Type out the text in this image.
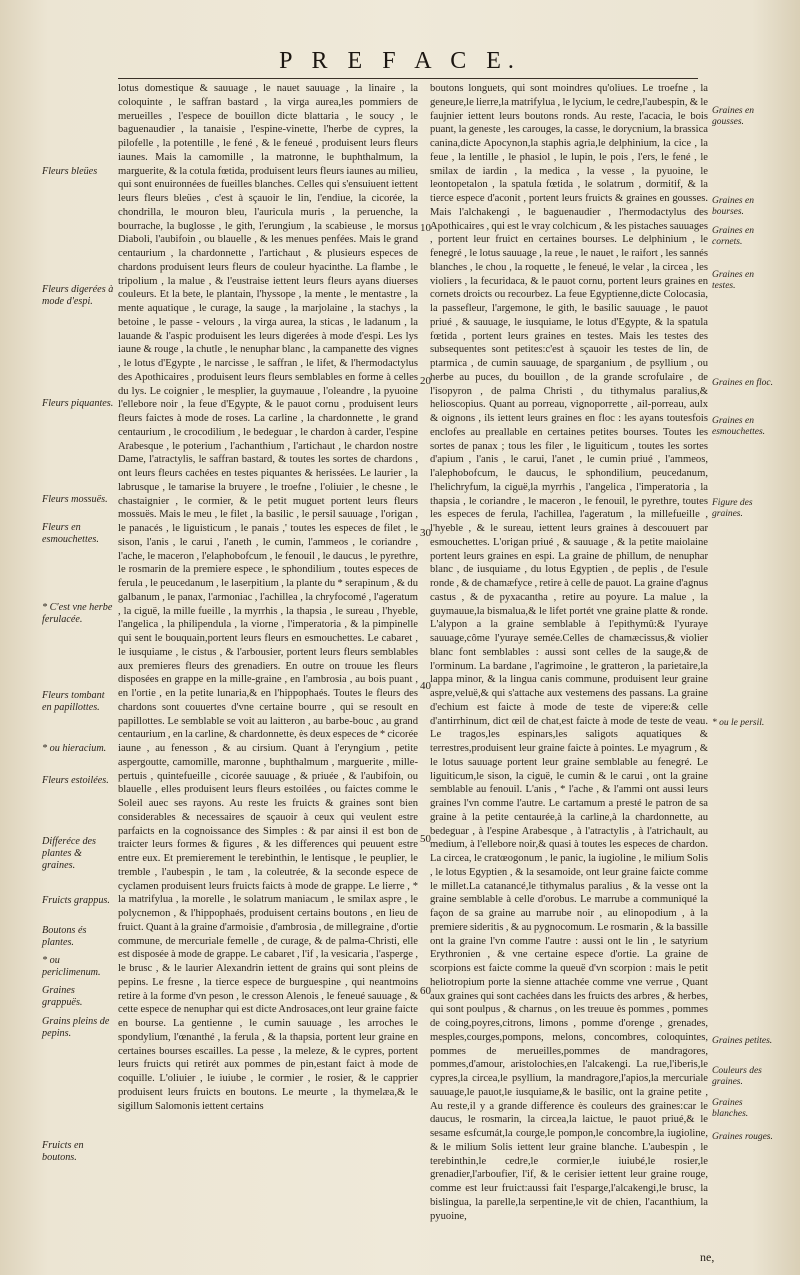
P R E F A C E.

lotus domestique & sauuage , le nauet sauuage , la linaire , la coloquinte , le saffran bastard , la virga aurea,les pommiers de merueilles , l'espece de bouillon dicte blattaria , le soucy , le baguenaudier , la tanaisie , l'espine-vinette, l'herbe de cypres, la pilofelle , la potentille , le fené , & le feneué , produisent leurs fleurs iaunes. Mais la camomille , la matronne, le buphthalmum, la marguerite, & la cotula fœtida, produisent leurs fleurs iaunes au milieu, qui sont enuironnées de fueilles blanches. Celles qui s'ensuiuent iettent leurs fleurs bleües , c'est à sçauoir le lin, l'endiue, la cicorée, la chondrilla, le mouron bleu, l'auricula muris , la peruenche, la bourrache, la buglosse , le gith, l'erungium , la scabieuse , le morsus Diaboli, l'aubifoin , ou blauelle , & les menues penfées. Mais le grand centaurium , la chardonnette , l'artichaut , & plusieurs especes de chardons produisent leurs fleurs de couleur hyacinthe. La flambe , le tripolium , la malue , & l'eustraise iettent leurs fleurs ayans diuerses couleurs. Et la bete, le plantain, l'hyssope , la mente , le mentastre , la mente aquatique , le curage, la sauge , la marjolaine , la stachys , la betoine , le passe - velours , la virga aurea, la sticas , le ladanum , la lauande & l'aspic produisent les leurs digerées à mode d'espi. Les lys iaune & rouge , la chutle , le nenuphar blanc , la campanette des vignes , le lotus d'Egypte , le narcisse , le saffran , le lifet, & l'hermodactylus des Apothicaires , produisent leurs fleurs semblables en forme à celles du lys. Le coignier , le mesplier, la guymauue , l'oleandre , la pyuoine l'ellebore noir , la feue d'Egypte, & le pauot cornu , produisent leurs fleurs faictes à mode de roses. La carline , la chardonnette , le grand centaurium , le crocodilium , le bedeguar , le chardon à carder, l'espine Arabesque , le poterium , l'achanthium , l'artichaut , le chardon nostre Dame, l'atractylis, le saffran bastard, & toutes les sortes de chardons , ont leurs fleurs cachées en testes piquantes & herissées. Le laurier , la labrusque , le tamarise la bruyere , le troefne , l'oliuier , le chesne , le chastaignier , le cormier, & le petit muguet portent leurs fleurs mossuës. Mais le meu , le filet , la basilic , le persil sauuage , l'origan , le panacés , le liguisticum , le panais ,' toutes les especes de filet , le sison, l'anis , le carui , l'aneth , le cumin, l'ammeos , le coriandre , l'ache, le maceron , l'elaphobofcum , le fenouil , le daucus , le pyrethre, le rosmarin de la premiere espece , le sphondilium , toutes especes de ferula , le peucedanum , le laserpitium , la plante du * serapinum , & du galbanum , le panax, l'armoniac , l'achillea , la chryfocomé , l'ageratum , la ciguë, la mille fueille , la myrrhis , la thapsia , le sureau , l'hyeble, l'angelica , la philipendula , la viorne , l'imperatoria , & la pimpinelle qui sent le bouquain,portent leurs fleurs en esmouchettes. Le cabaret , le iusquiame , le cistus , & l'arbousier, portent leurs fleurs semblables aux premieres fleurs des grenadiers. En outre on trouue les fleurs disposées en grappe en la mille-graine , en l'ambrosia , au bois puant , en l'ortie , en la petite lunaria,& en l'hippophaés. Toutes le fleurs des chardons sont couuertes d'vne certaine bourre , qui se resoult en papillottes. Le semblable se voit au laitteron , au barbe-bouc , au grand centaurium , en la carline, & chardonnette, ès deux especes de * cicorée iaune , au fenesson , & au cirsium. Quant à l'eryngium , petite aspergoutte, camomille, maronne , buphthalmum , marguerite , mille-pertuis , quintefueille , cicorée sauuage , & priuée , & l'aubifoin, ou blauelle , elles produisent leurs fleurs estoilées , ou faictes comme le Soleil auec ses rayons. Au reste les fruicts & graines sont bien considerables & necessaires de sçauoir à ceux qui veulent estre parfaicts en la cognoissance des Simples : & par ainsi il est bon de traicter leurs formes & figures , & les differences qui peuuent estre entre eux. Et premierement le terebinthin, le lentisque , le peuplier, le tremble , l'aubespin , le tam , la coleutrée, & la seconde espece de cyclamen produisent leurs fruicts faicts à mode de grappe. Le lierre , * la matrifylua , la morelle , le solatrum maniacum , le smilax aspre , le polycnemon , & l'hippophaés, produisent certains boutons , en lieu de fruict. Quant à la graine d'armoisie , d'ambrosia , de millegraine , d'ortie commune, de mercuriale femelle , de curage, & de palma-Christi, elle est disposée à mode de grappe. Le cabaret , l'if , la vesicaria , l'asperge , le brusc , & le laurier Alexandrin iettent de grains qui sont pleins de pepins. Le fresne , la tierce espece de burguespine , qui neantmoins retire à la forme d'vn peson , le cresson Alenois , le feneué sauuage , & cette espece de nenuphar qui est dicte Androsaces,ont leur graine faicte en bourse. La gentienne , le cumin sauuage , les arroches le spondylium, l'œnanthé , la ferula , & la thapsia, portent leur graine en certaines bourses escailles. La pesse , la meleze, & le cypres, portent leurs fruicts qui retirét aux pommes de pin,estant faict à mode de coquille. L'oliuier , le iuiube , le cormier , le rosier, & le capprier produisent leurs fruicts en boutons. Le meurte , la thymelæa,& le sigillum Salomonis iettent certains

boutons longuets, qui sont moindres qu'oliues. Le troefne , la geneure,le lierre,la matrifylua , le lycium, le cedre,l'aubespin, & le faujnier iettent leurs boutons ronds. Au reste, l'acacia, le bois puant, la geneste , les carouges, la casse, le dorycnium, la brassica canina,dicte Apocynon,la staphis agria,le delphinium, la cice , la feue , la lentille , le phasiol , le lupin, le pois , l'ers, le fené , le smilax de iardin , la medica , la vesse , la pyuoine, le leontopetalon , la spatula fœtida , le solatrum , dormitif, & la tierce espece d'aconit , portent leurs fruicts & graines en gousses. Mais l'alchakengi , le baguenaudier , l'hermodactylus des Apothicaires , qui est le vray colchicum , & les pistaches sauuages , portent leur fruict en certaines bourses. Le delphinium , le fenegré , le lotus sauuage , la reue , le nauet , le raifort , les sannés blanches , le chou , la roquette , le feneué, le velar , la circea , les violiers , la fecuridaca, & le pauot cornu, portent leurs graines en cornets droicts ou recourbez. La feue Egyptienne,dicte Colocasia, la passefleur, l'argemone, le gith, le basilic sauuage , le pauot priué , & sauuage, le iusquiame, le lotus d'Egypte, & la spatula fœtida , portent leurs graines en testes. Mais les testes des subsequentes sont petites:c'est à sçauoir les testes de lin, de ptarmica , de cumin sauuage, de sparganium , de psyllium , ou herbe au puces, du bouillon , de la grande scrofulaire , de l'isopyron , de palma Christi , du tithymalus paralius,& helioscopius. Quant au porreau, vignoporrette , ail-porreau, aulx & oignons , ils iettent leurs graines en floc : les ayans toutesfois enclofes au preallable en certaines petites bourses. Toutes les sortes de panax ; tous les filer , le liguiticum , toutes les sortes d'apium , l'anis , le carui, l'anet , le cumin priué , l'ammeos, l'alephobofcum, le daucus, le sphondilium, peucedanum, l'helichryfum, la ciguë,la myrrhis , l'angelica , l'imperatoria , la thapsia , le coriandre , le maceron , le fenouil, le pyrethre, toutes les especes de ferula, l'achillea, l'ageratum , la millefueille , l'hyeble , & le sureau, iettent leurs graines à descouuert par esmouchettes. L'origan priué , & sauuage , & la petite maiolaine portent leurs graines en espi. La graine de phillum, de nenuphar blanc , de iusquiame , du lotus Egyptien , de peplis , de l'esule ronde , & de chamæfyce , retire à celle de pauot. La graine d'agnus castus , & de pyxacantha , retire au poyure. La malue , la guymauue,la bismalua,& le lifet portét vne graine platte & ronde. L'alypon a la graine semblable à l'epithymû:& l'yuraye sauuage,côme l'yuraye semée.Celles de chamæcissus,& violier blanc font semblables : aussi sont celles de la sauge,& de l'orminum. La bardane , l'agrimoine , le gratteron , la parietaire,la lappa minor, & la lingua canis commune, produisent leur graine aspre,veluë,& qui s'attache aux vestemens des passans. La graine d'echium est faicte à mode de teste de vipere:& celle d'antirrhinum, dict œil de chat,est faicte à mode de teste de veau. Le tragos,les espinars,les saligots aquatiques & terrestres,produisent leur graine faicte à pointes. Le myagrum , & le lotus sauuage portent leur graine semblable au fenegré. Le liguiticum,le sison, la ciguë, le cumin & le carui , ont la graine semblable au fenouil. L'anis , * l'ache , & l'ammi ont aussi leurs graines l'vn comme l'autre. Le cartamum a presté le patron de sa graine à la petite centaurée,à la carline,à la chardonnette, au bedeguar , à l'espine Arabesque , à l'atractylis , à l'atrichault, au medium, à l'ellebore noir,& quasi à toutes les especes de chardon. La circea, le cratœogonum , le panic, la iugioline , le milium Solis , le lotus Egyptien , & la sesamoide, ont leur graine faicte comme le millet.La catanancé,le tithymalus paralius , & la vesse ont la graine semblable à celle d'orobus. Le marrube a communiqué la façon de sa graine au marrube noir , au elinopodium , à la premiere sideritis , & au pygnocomum. Le rosmarin , & la bassille ont la graine l'vn comme l'autre : aussi ont le lin , le satyrium Erythronien , & vne certaine espece d'ortie. La graine de scorpions est faicte comme la queuë d'vn scorpion : mais le petit heliotropium porte la sienne attachée comme vne verrue , Quant aux graines qui sont cachées dans les fruicts des arbres , & herbes, qui sont poulpus , & charnus , on les treuue ès pommes , pommes de coing,poyres,citrons, limons , pomme d'orenge , grenades, mesples,courges,pompons, melons, concombres, coloquintes, pommes de merueilles,pommes de mandragores, pommes,d'amour, aristolochies,en l'alcakengi. La rue,l'iberis,le cypres,la circea,le psyllium, la mandragore,l'apios,la mercuriale sauuage,le pauot,le iusquiame,& le basilic, ont la graine petite , Au reste,il y a grande difference ès couleurs des graines:car le daucus, le rosmarin, la circea,la laictue, le pauot priué,& le sesame esfcumát,la courge,le pompon,le concombre,la iugioline, & le milium Solis iettent leur graine blanche. L'aubespin , le terebinthin,le cedre,le cormier,le iuiubé,le rosier,le grenadier,l'arboufier, l'if, & le cerisier iettent leur graine rouge, comme est leur fruict:aussi fait l'esparge,l'alcakengi,le brusc, la bislingua, la parelle,la serpentine,le vit de chien, l'acanthium, la pyuoine,

10
20
30
40
50
60
Fleurs bleües
Fleurs digerées à mode d'espi.
Fleurs piquantes.
Fleurs mossuës.
Fleurs en esmouchettes.
* C'est vne herbe ferulacée.
Fleurs tombant en papillottes.
* ou hieracium.
Fleurs estoilées.
Differéce des plantes & graines.
Fruicts grappus.
Boutons és plantes.
* ou periclimenum.
Graines grappuës.
Grains pleins de pepins.
Fruicts en boutons.
Graines en gousses.
Graines en bourses.
Graines en cornets.
Graines en testes.
Graines en floc.
Graines en esmouchettes.
Figure des graines.
* ou le persil.
Graines petites.
Couleurs des graines.
Graines blanches.
Graines rouges.
ne,
